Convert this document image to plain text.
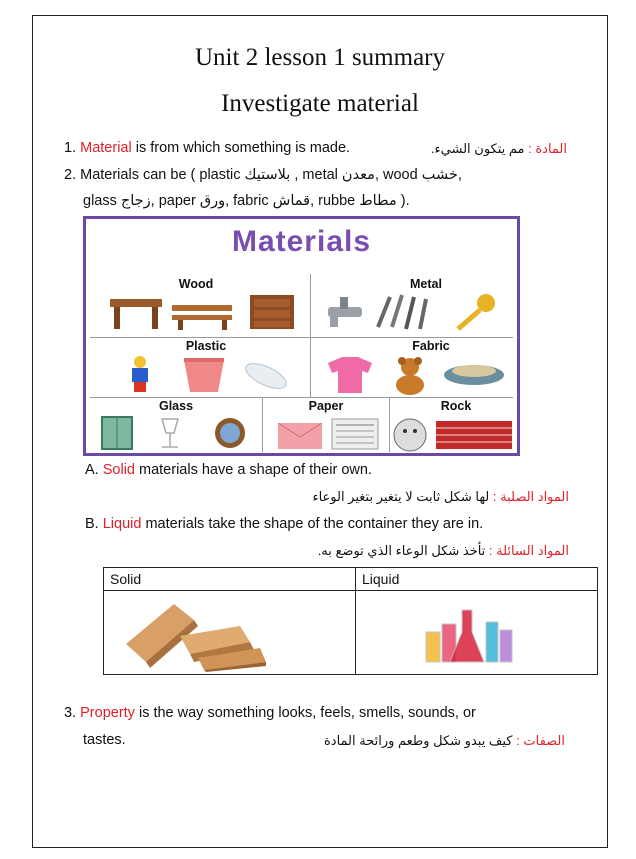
Unit 2 lesson 1 summary
Investigate material
1. Material is from which something is made.	المادة : مم يتكون الشيء.
2. Materials can be ( plastic بلاستيك , metal معدن, wood خشب,
glass زجاج, paper ورق, fabric قماش, rubbe مطاط ).
Materials
Wood	Metal
Plastic	Fabric
Glass	Paper	Rock
A. Solid materials have a shape of their own.
المواد الصلبة : لها شكل ثابت لا يتغير بتغير الوعاء
B. Liquid materials take the shape of the container they are in.
المواد السائلة : تأخذ شكل الوعاء الذي توضع به.
Solid	Liquid
3. Property is the way something looks, feels, smells, sounds, or
tastes.	الصفات : كيف يبدو شكل وطعم ورائحة المادة
